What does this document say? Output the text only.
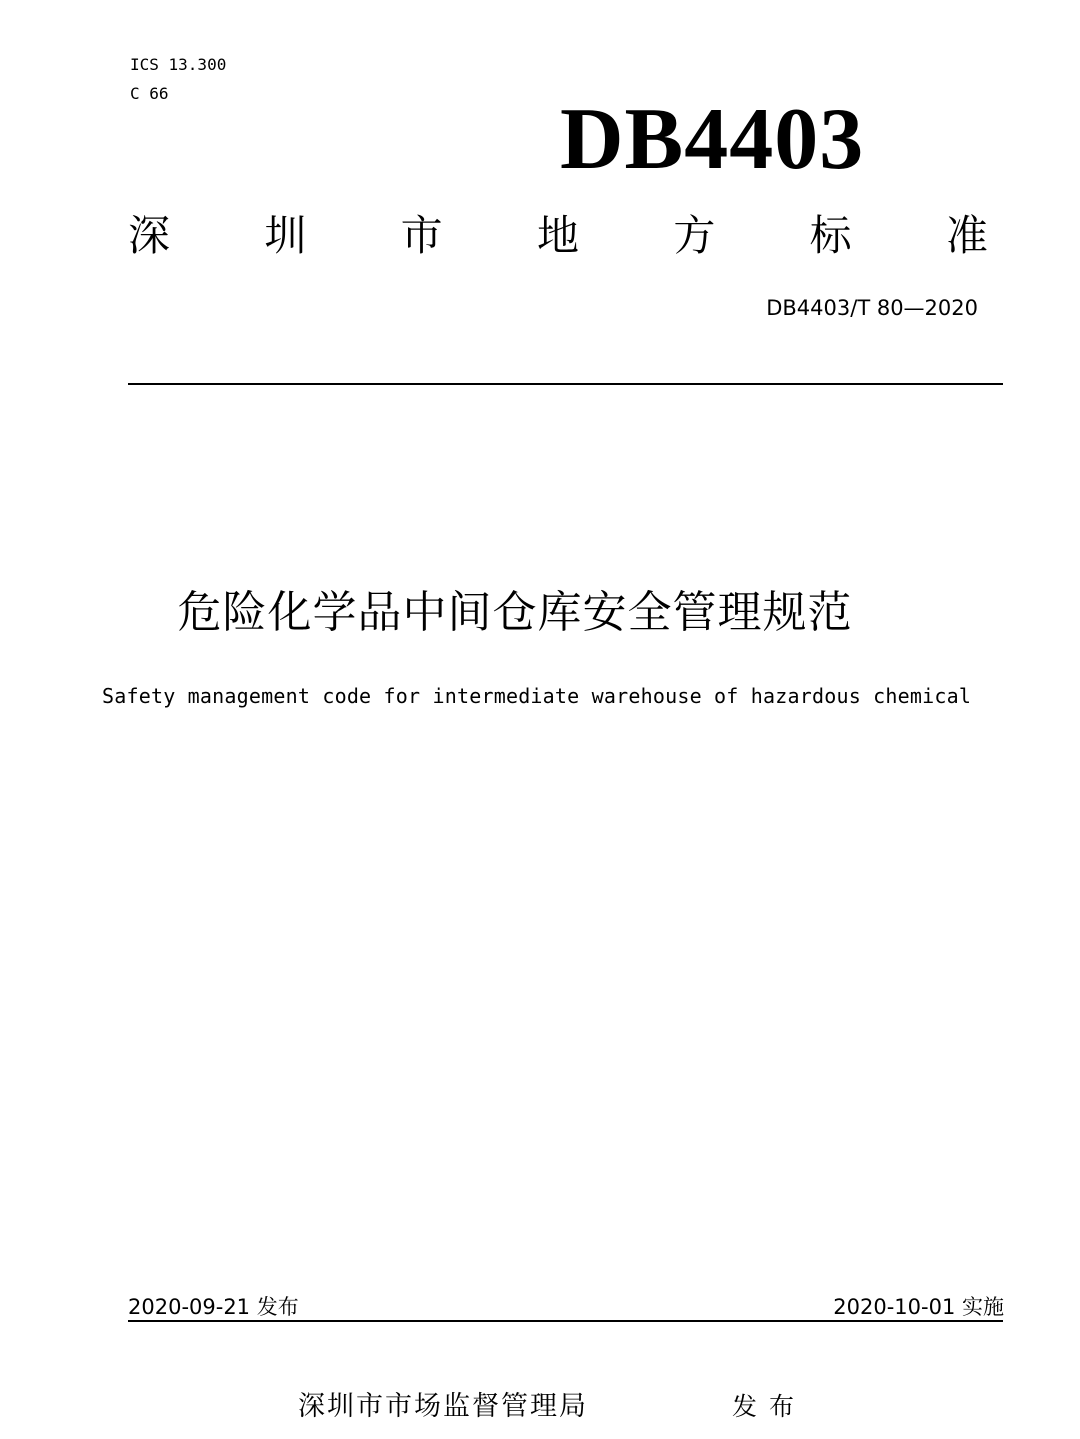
ICS 13.300
C 66	DB4403
深 圳 市 地 方 标 准
DB4403/T 80—2020
危险化学品中间仓库安全管理规范
Safety management code for intermediate warehouse of hazardous chemical
2020-09-21 发布	2020-10-01 实施
深圳市市场监督管理局	发布
